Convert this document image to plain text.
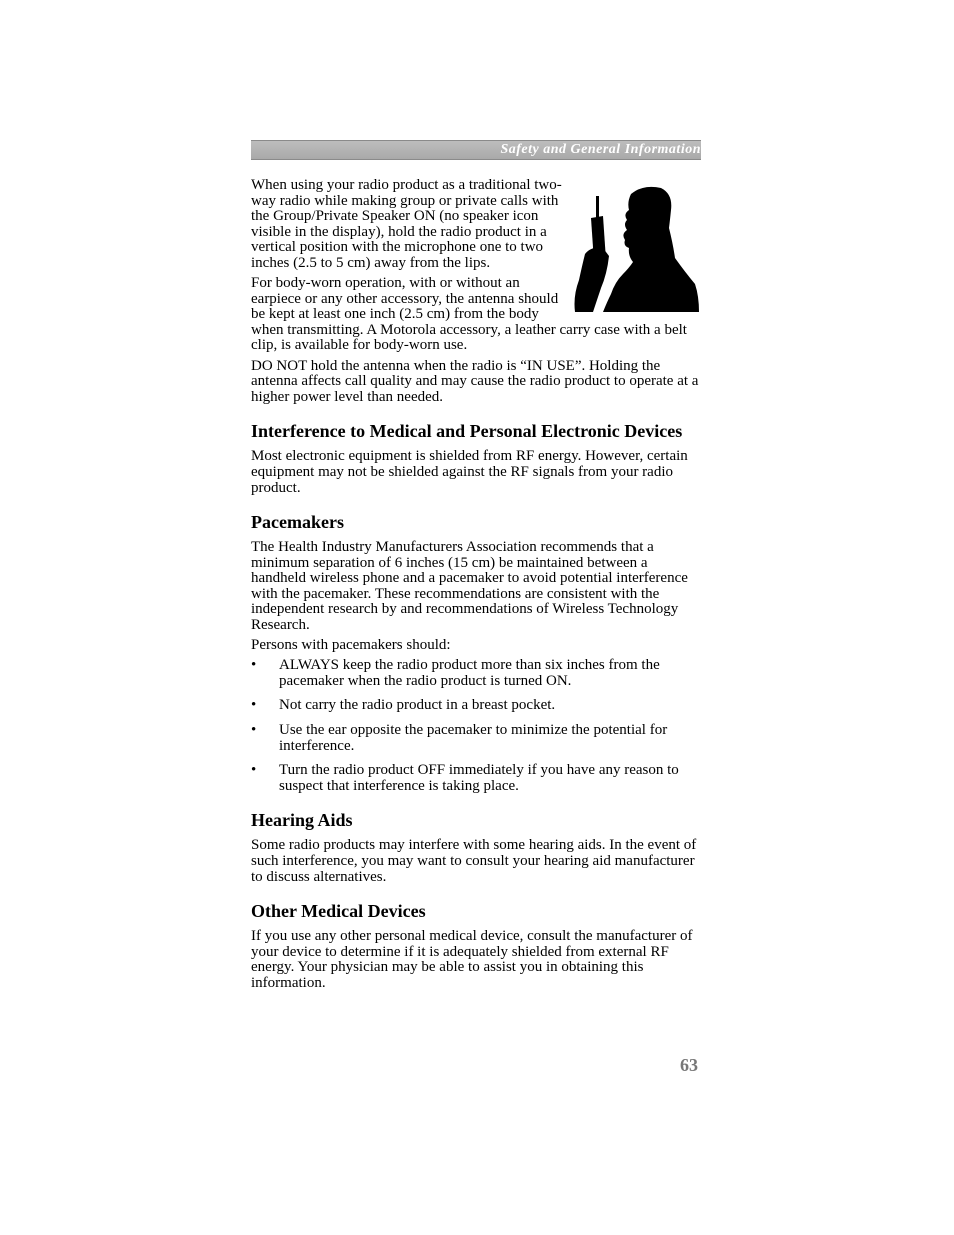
Safety and General Information

When using your radio product as a traditional two-way radio while making group or private calls with the Group/Private Speaker ON (no speaker icon visible in the display), hold the radio product in a vertical position with the microphone one to two inches (2.5 to 5 cm) away from the lips.

For body-worn operation, with or without an earpiece or any other accessory, the antenna should be kept at least one inch (2.5 cm) from the body when transmitting. A Motorola accessory, a leather carry case with a belt clip, is available for body-worn use.

DO NOT hold the antenna when the radio is “IN USE”. Holding the antenna affects call quality and may cause the radio product to operate at a higher power level than needed.

Interference to Medical and Personal Electronic Devices

Most electronic equipment is shielded from RF energy. However, certain equipment may not be shielded against the RF signals from your radio product.

Pacemakers

The Health Industry Manufacturers Association recommends that a minimum separation of 6 inches (15 cm) be maintained between a handheld wireless phone and a pacemaker to avoid potential interference with the pacemaker. These recommendations are consistent with the independent research by and recommendations of Wireless Technology Research.

Persons with pacemakers should:

• ALWAYS keep the radio product more than six inches from the pacemaker when the radio product is turned ON.
• Not carry the radio product in a breast pocket.
• Use the ear opposite the pacemaker to minimize the potential for interference.
• Turn the radio product OFF immediately if you have any reason to suspect that interference is taking place.
Hearing Aids

Some radio products may interfere with some hearing aids. In the event of such interference, you may want to consult your hearing aid manufacturer to discuss alternatives.

Other Medical Devices

If you use any other personal medical device, consult the manufacturer of your device to determine if it is adequately shielded from external RF energy. Your physician may be able to assist you in obtaining this information.

63
